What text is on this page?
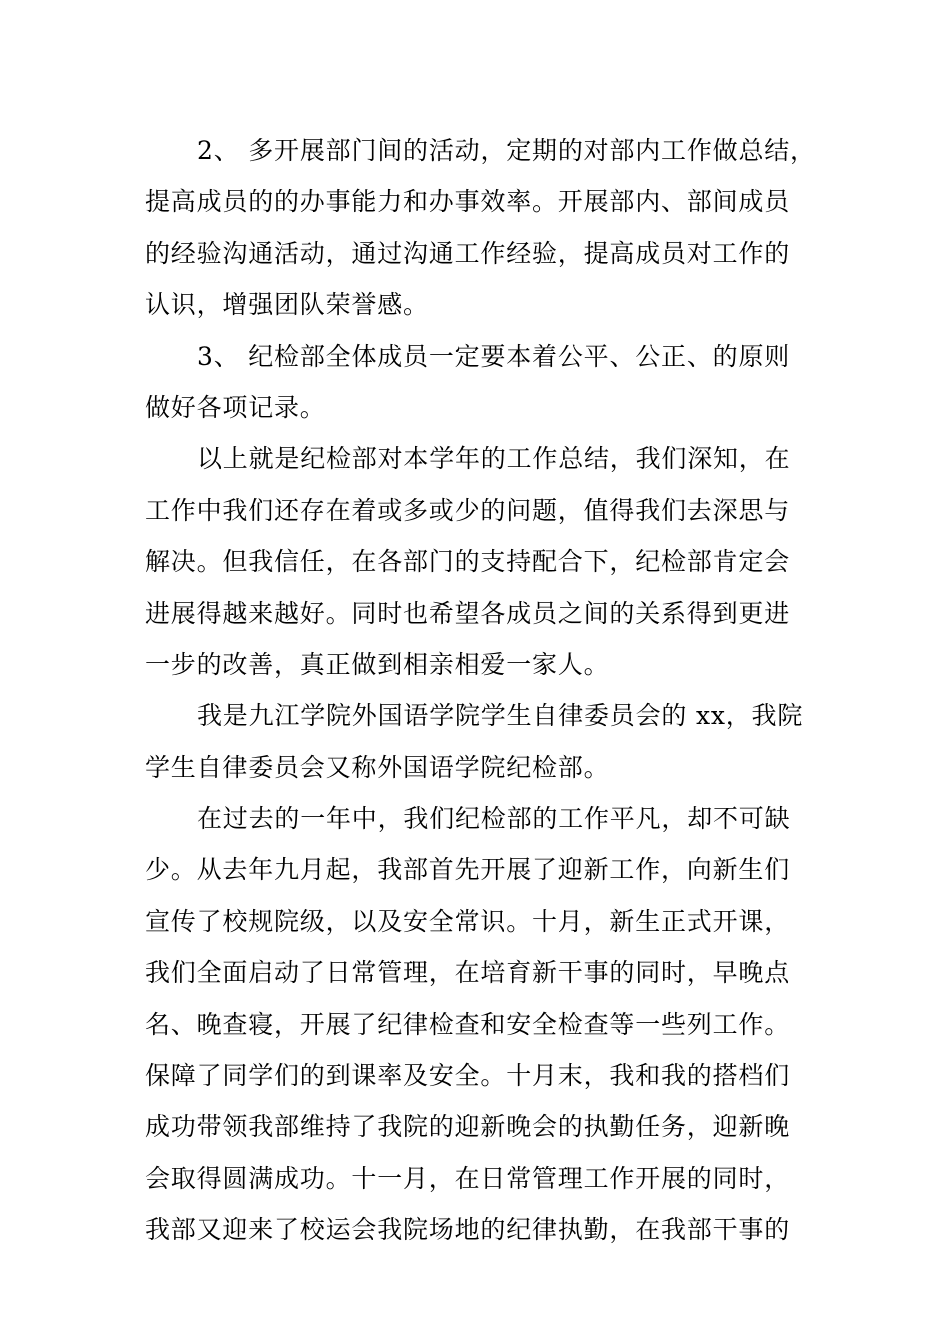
2、 多开展部门间的活动，定期的对部内工作做总结，
提高成员的的办事能力和办事效率。开展部内、部间成员
的经验沟通活动，通过沟通工作经验，提高成员对工作的
认识，增强团队荣誉感。
3、 纪检部全体成员一定要本着公平、公正、的原则
做好各项记录。
以上就是纪检部对本学年的工作总结，我们深知，在
工作中我们还存在着或多或少的问题，值得我们去深思与
解决。但我信任，在各部门的支持配合下，纪检部肯定会
进展得越来越好。同时也希望各成员之间的关系得到更进
一步的改善，真正做到相亲相爱一家人。
我是九江学院外国语学院学生自律委员会的 xx，我院
学生自律委员会又称外国语学院纪检部。
在过去的一年中，我们纪检部的工作平凡，却不可缺
少。从去年九月起，我部首先开展了迎新工作，向新生们
宣传了校规院级，以及安全常识。十月，新生正式开课，
我们全面启动了日常管理，在培育新干事的同时，早晚点
名、晚查寝，开展了纪律检查和安全检查等一些列工作。
保障了同学们的到课率及安全。十月末，我和我的搭档们
成功带领我部维持了我院的迎新晚会的执勤任务，迎新晚
会取得圆满成功。十一月，在日常管理工作开展的同时，
我部又迎来了校运会我院场地的纪律执勤，在我部干事的
